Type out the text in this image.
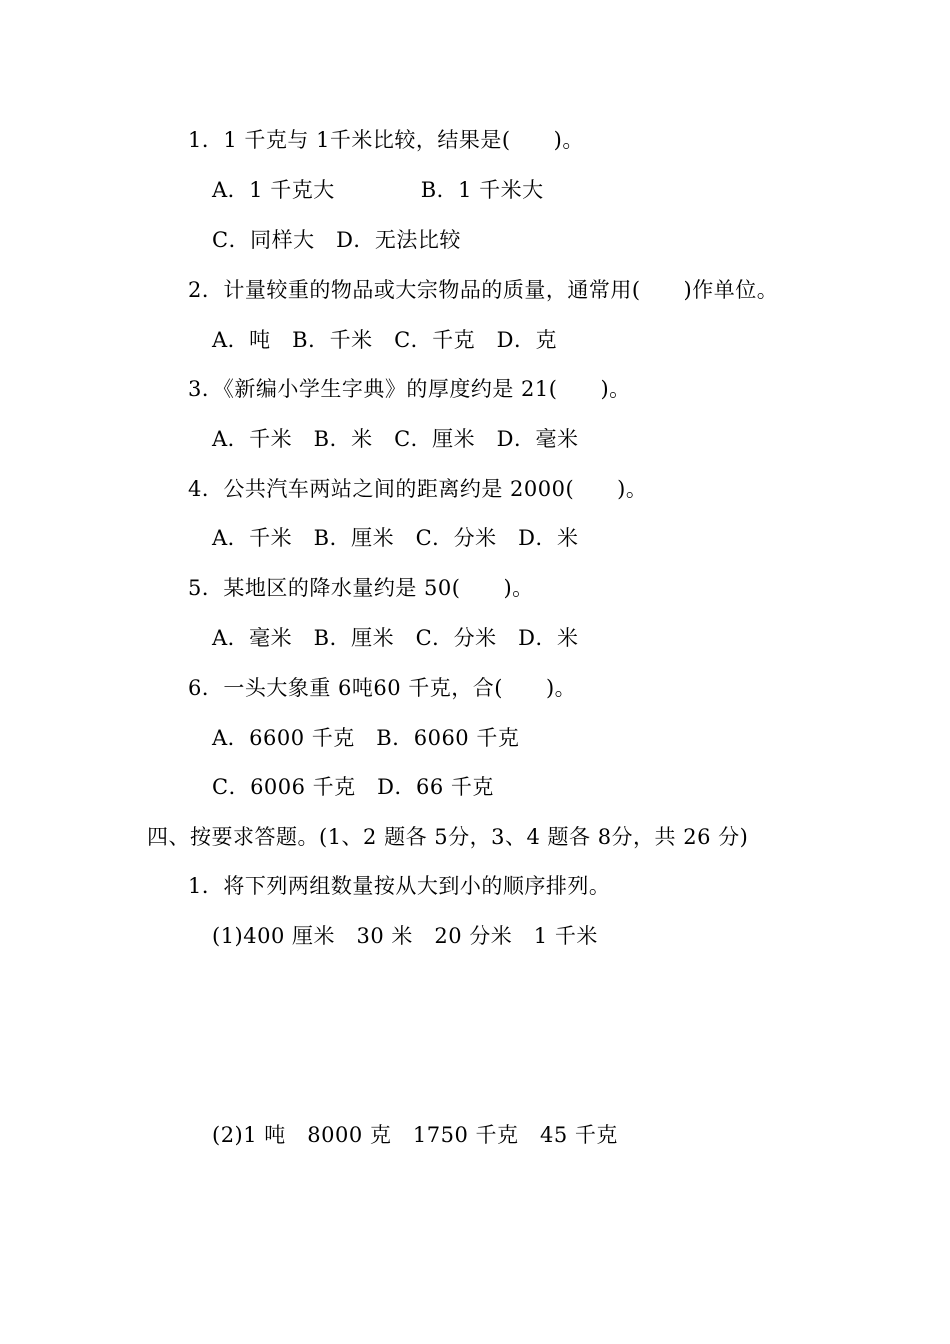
1．1 千克与 1千米比较，结果是(　　)。
A．1 千克大　　　　B．1 千米大
C．同样大　D．无法比较
2．计量较重的物品或大宗物品的质量，通常用(　　)作单位。
A．吨　B．千米　C．千克　D．克
3．《新编小学生字典》的厚度约是 21(　　)。
A．千米　B．米　C．厘米　D．毫米
4．公共汽车两站之间的距离约是 2000(　　)。
A．千米　B．厘米　C．分米　D．米
5．某地区的降水量约是 50(　　)。
A．毫米　B．厘米　C．分米　D．米
6．一头大象重 6吨60 千克，合(　　)。
A．6600 千克　B．6060 千克
C．6006 千克　D．66 千克
四、按要求答题。(1、2 题各 5分，3、4 题各 8分，共 26 分)
1．将下列两组数量按从大到小的顺序排列。
(1)400 厘米　30 米　20 分米　1 千米
(2)1 吨　8000 克　1750 千克　45 千克
